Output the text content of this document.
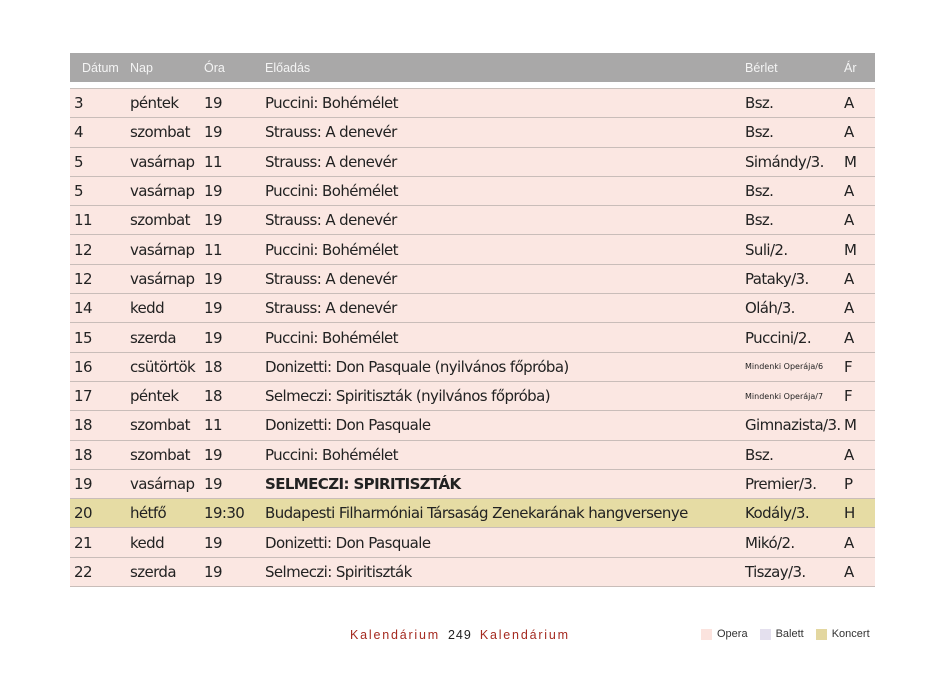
Dátum Nap	Óra	Előadás	Bérlet	Ár
3	péntek	19	Puccini: Bohémélet	Bsz.	A
4	szombat 19	Strauss: A denevér	Bsz.	A
5	vasárnap 11	Strauss: A denevér	Simándy/3.	M
5	vasárnap 19	Puccini: Bohémélet	Bsz.	A
11	szombat 19	Strauss: A denevér	Bsz.	A
12	vasárnap 11	Puccini: Bohémélet	Suli/2.	M
12	vasárnap 19	Strauss: A denevér	Pataky/3.	A
14	kedd	19	Strauss: A denevér	Oláh/3.	A
15	szerda	19	Puccini: Bohémélet	Puccini/2.	A
16	csütörtök 18	Donizetti: Don Pasquale (nyilvános főpróba)	Mindenki Operája/6	F
17	péntek	18	Selmeczi: Spiritiszták (nyilvános főpróba)	Mindenki Operája/7	F
18	szombat 11	Donizetti: Don Pasquale	Gimnazista/3. M
18	szombat 19	Puccini: Bohémélet	Bsz.	A
19	vasárnap 19	SELMECZI: SPIRITISZTÁK	Premier/3.	P
20	hétfő	19:30	Budapesti Filharmóniai Társaság Zenekarának hangversenye	Kodály/3.	H
21	kedd	19	Donizetti: Don Pasquale	Mikó/2.	A
22	szerda	19	Selmeczi: Spiritiszták	Tiszay/3.	A
Kalendárium 249 Kalendárium	Opera	Balett	Koncert
